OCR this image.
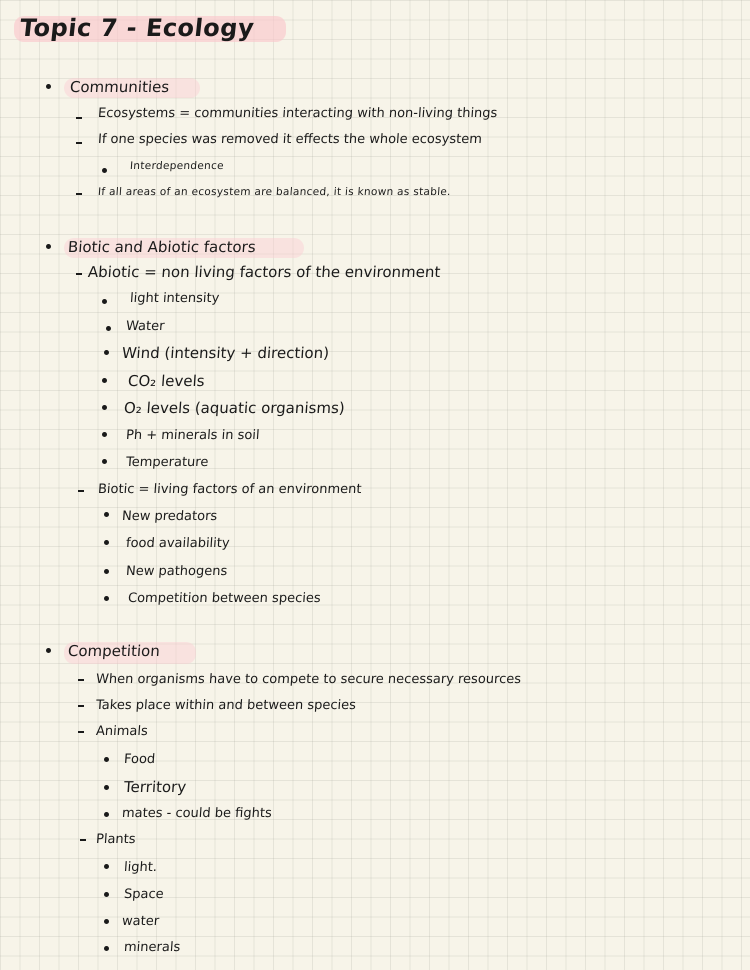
Topic 7 - Ecology
Communities
Ecosystems = communities interacting with non-living things
If one species was removed it effects the whole ecosystem
Interdependence
If all areas of an ecosystem are balanced, it is known as stable.
Biotic and Abiotic factors
Abiotic = non living factors of the environment
light intensity
Water
Wind (intensity + direction)
CO₂ levels
O₂ levels (aquatic organisms)
Ph + minerals in soil
Temperature
Biotic = living factors of an environment
New predators
food availability
New pathogens
Competition between species
Competition
When organisms have to compete to secure necessary resources
Takes place within and between species
Animals
Food
Territory
mates - could be fights
Plants
light.
Space
water
minerals
